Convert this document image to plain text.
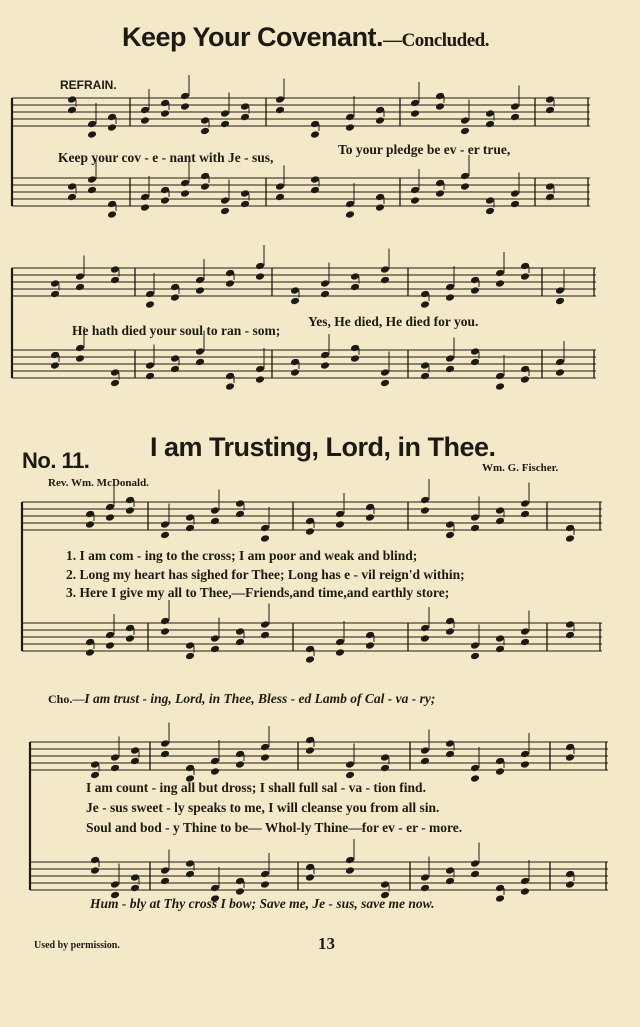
Keep Your Covenant.—Concluded.
REFRAIN.
Keep your cov - e - nant with Je - sus,
To your pledge be ev - er true,
He hath died your soul to ran - som;
Yes, He died, He died for you.
No. 11. I am Trusting, Lord, in Thee.
Wm. G. Fischer.
Rev. Wm. McDonald.
1. I am com - ing to the cross; I am poor and weak and blind;
2. Long my heart has sighed for Thee; Long has e - vil reign'd within;
3. Here I give my all to Thee,—Friends,and time,and earthly store;
Cho.—I am trust - ing, Lord, in Thee, Bless - ed Lamb of Cal - va - ry;
I am count - ing all but dross; I shall full sal - va - tion find.
Je - sus sweet - ly speaks to me, I will cleanse you from all sin.
Soul and bod - y Thine to be— Whol-ly Thine—for ev - er - more.
Hum - bly at Thy cross I bow; Save me, Je - sus, save me now.
Used by permission.	13
